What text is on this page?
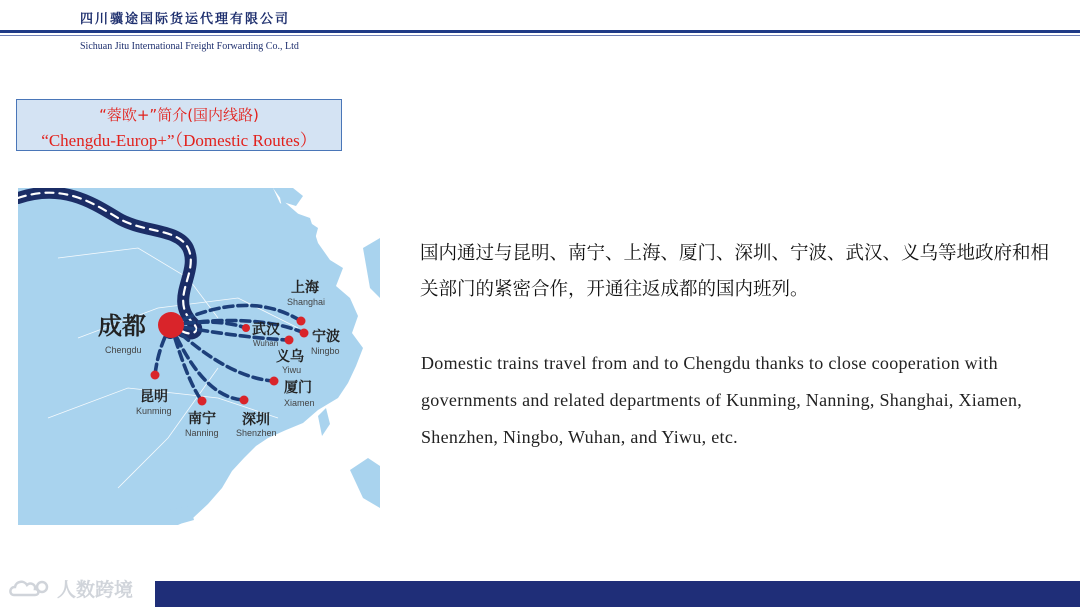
四川骥途国际货运代理有限公司
Sichuan Jitu International Freight Forwarding Co., Ltd
“蓉欧+”简介(国内线路)
“Chengdu-Europ+”（Domestic Routes）
成都
Chengdu
上海
Shanghai
武汉
Wuhan 宁波
Ningbo
义乌
Yiwu
厦门
Xiamen
深圳
Shenzhen
南宁
Nanning
昆明
Kunming
国内通过与昆明、南宁、上海、厦门、深圳、宁波、武汉、义乌等地政府和相关部门的紧密合作，开通往返成都的国内班列。
Domestic trains travel from and to Chengdu thanks to close cooperation with governments and related departments of Kunming, Nanning, Shanghai, Xiamen, Shenzhen, Ningbo, Wuhan, and Yiwu, etc.
人数跨境
